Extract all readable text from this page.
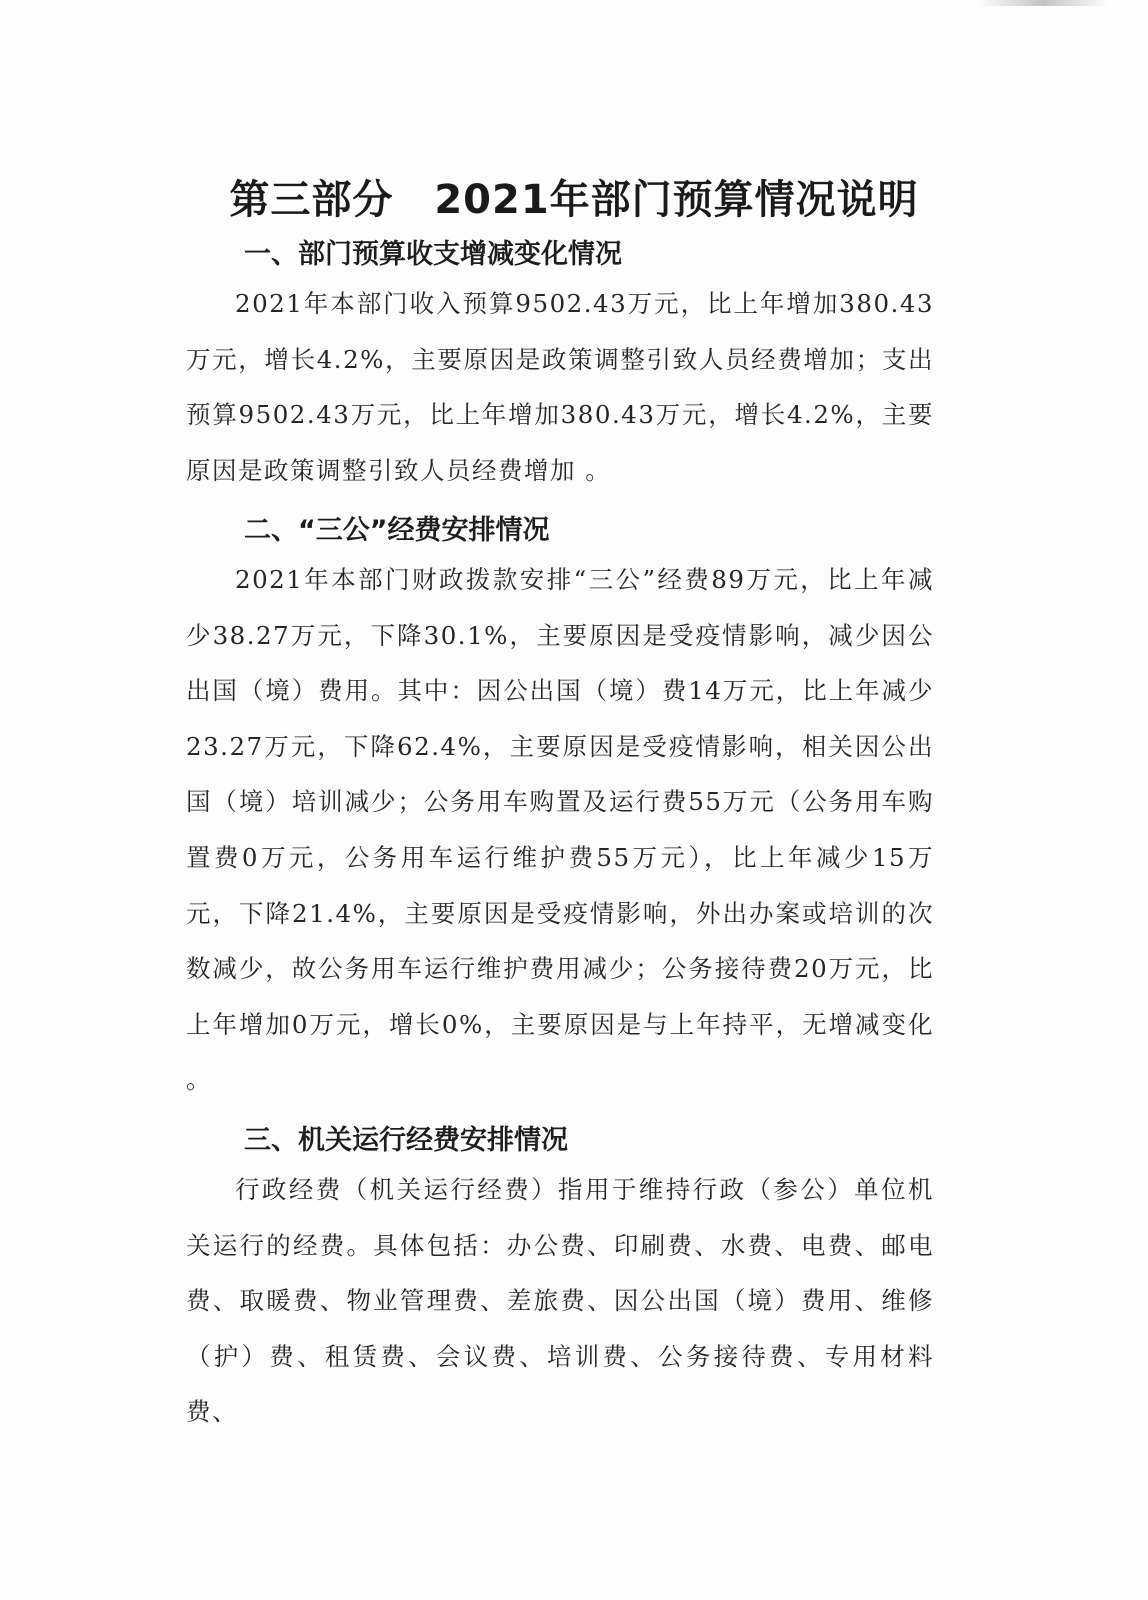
第三部分　2021年部门预算情况说明
一、部门预算收支增减变化情况
2021年本部门收入预算9502.43万元，比上年增加380.43万元，增长4.2%，主要原因是政策调整引致人员经费增加；支出预算9502.43万元，比上年增加380.43万元，增长4.2%，主要原因是政策调整引致人员经费增加 。
二、“三公”经费安排情况
2021年本部门财政拨款安排“三公”经费89万元，比上年减少38.27万元，下降30.1%，主要原因是受疫情影响，减少因公出国（境）费用。其中：因公出国（境）费14万元，比上年减少23.27万元，下降62.4%，主要原因是受疫情影响，相关因公出国（境）培训减少；公务用车购置及运行费55万元（公务用车购置费0万元，公务用车运行维护费55万元），比上年减少15万元，下降21.4%，主要原因是受疫情影响，外出办案或培训的次数减少，故公务用车运行维护费用减少；公务接待费20万元，比上年增加0万元，增长0%，主要原因是与上年持平，无增减变化 。
三、机关运行经费安排情况
行政经费（机关运行经费）指用于维持行政（参公）单位机关运行的经费。具体包括：办公费、印刷费、水费、电费、邮电费、取暖费、物业管理费、差旅费、因公出国（境）费用、维修（护）费、租赁费、会议费、培训费、公务接待费、专用材料费、
